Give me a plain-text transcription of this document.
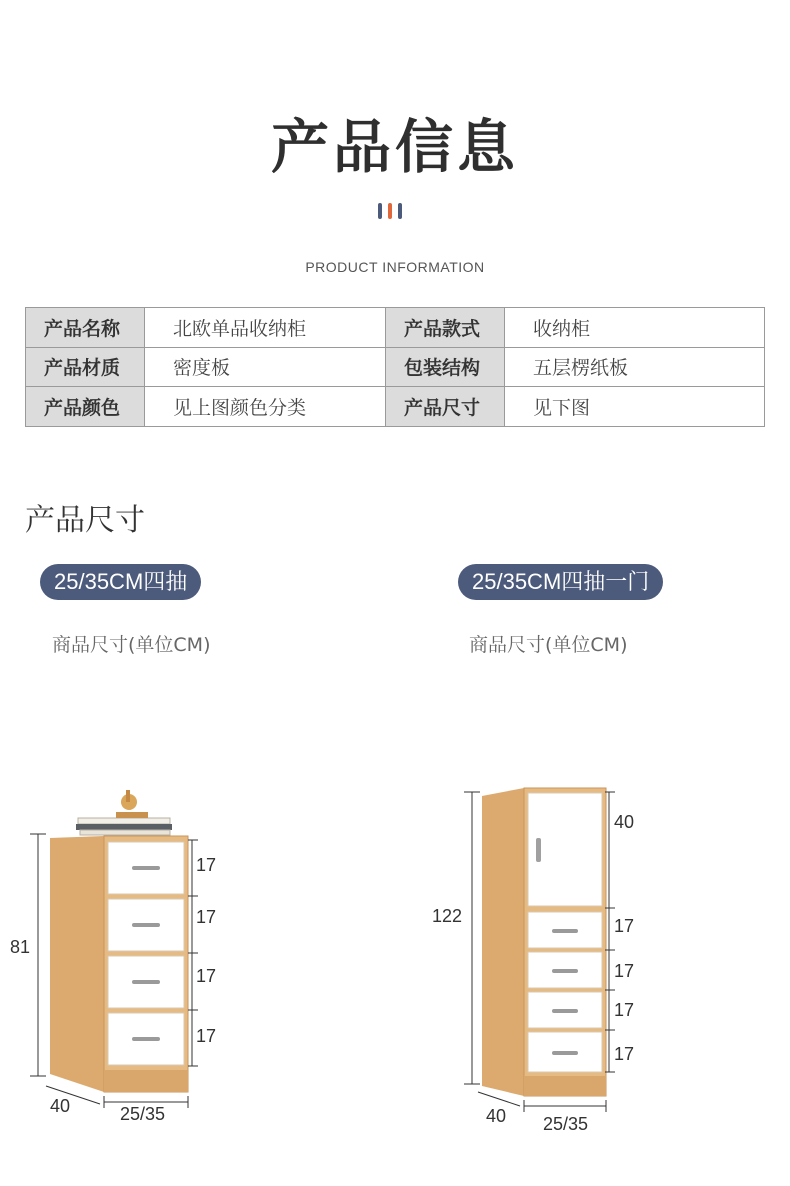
产品信息
PRODUCT INFORMATION
产品名称	北欧单品收纳柜	产品款式	收纳柜
产品材质	密度板	包装结构	五层楞纸板
产品颜色	见上图颜色分类	产品尺寸	见下图
产品尺寸
25/35CM四抽
商品尺寸(单位CM)
25/35CM四抽一门
商品尺寸(单位CM)
81
17
17
17
17
40	25/35
122
40
17
17
17
17
40 25/35
